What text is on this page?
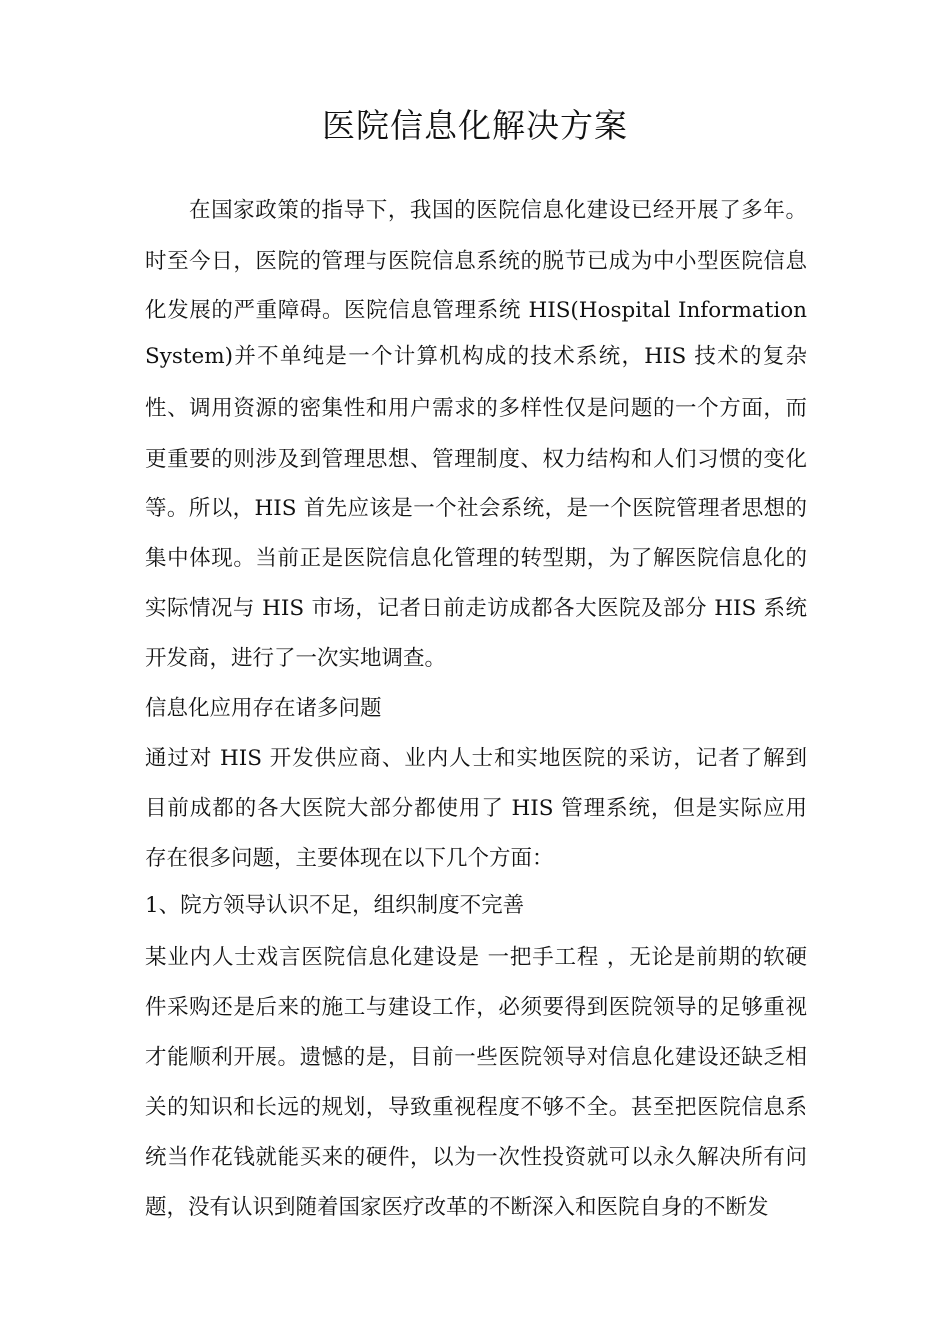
医院信息化解决方案
在国家政策的指导下，我国的医院信息化建设已经开展了多年。
时至今日，医院的管理与医院信息系统的脱节已成为中小型医院信息
化发展的严重障碍。医院信息管理系统 HIS(Hospital Information
System)并不单纯是一个计算机构成的技术系统，HIS 技术的复杂
性、调用资源的密集性和用户需求的多样性仅是问题的一个方面，而
更重要的则涉及到管理思想、管理制度、权力结构和人们习惯的变化
等。所以，HIS 首先应该是一个社会系统，是一个医院管理者思想的
集中体现。当前正是医院信息化管理的转型期，为了解医院信息化的
实际情况与 HIS 市场，记者日前走访成都各大医院及部分 HIS 系统
开发商，进行了一次实地调查。
信息化应用存在诸多问题
通过对 HIS 开发供应商、业内人士和实地医院的采访，记者了解到
目前成都的各大医院大部分都使用了 HIS 管理系统，但是实际应用
存在很多问题，主要体现在以下几个方面：
1、院方领导认识不足，组织制度不完善
某业内人士戏言医院信息化建设是 一把手工程 ，无论是前期的软硬
件采购还是后来的施工与建设工作，必须要得到医院领导的足够重视
才能顺利开展。遗憾的是，目前一些医院领导对信息化建设还缺乏相
关的知识和长远的规划，导致重视程度不够不全。甚至把医院信息系
统当作花钱就能买来的硬件，以为一次性投资就可以永久解决所有问
题，没有认识到随着国家医疗改革的不断深入和医院自身的不断发
